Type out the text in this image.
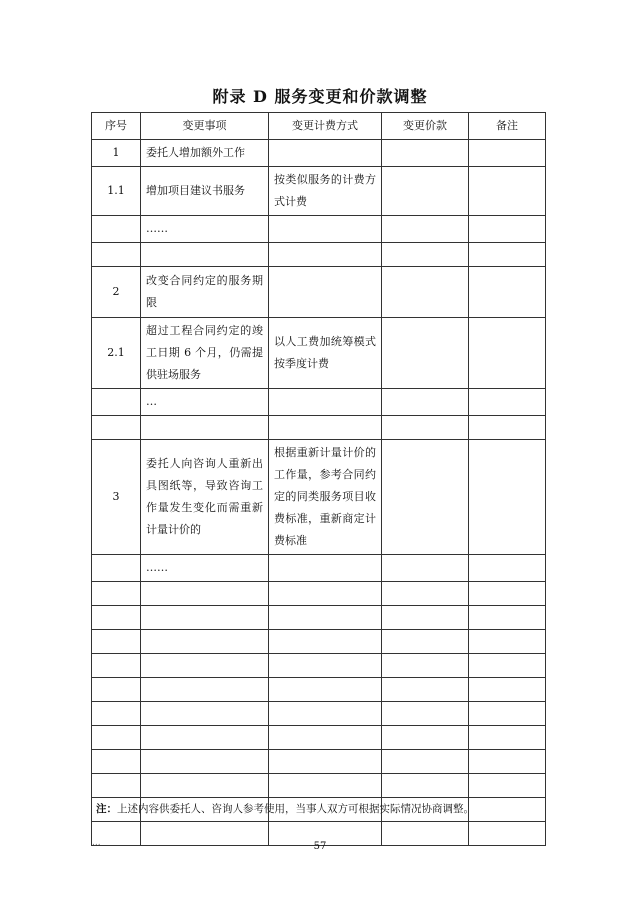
附录 D 服务变更和价款调整
序号	变更事项	变更计费方式	变更价款	备注
1	委托人增加额外工作			
1.1	增加项目建议书服务	按类似服务的计费方式计费		
	……			

2	改变合同约定的服务期限			
2.1	超过工程合同约定的竣工日期 6 个月，仍需提供驻场服务	以人工费加统筹模式按季度计费		
	…			

3	委托人向咨询人重新出具图纸等，导致咨询工作量发生变化而需重新计量计价的	根据重新计量计价的工作量，参考合同约定的同类服务项目收费标准，重新商定计费标准		
	……			

注：上述内容供委托人、咨询人参考使用，当事人双方可根据实际情况协商调整。
...	57
